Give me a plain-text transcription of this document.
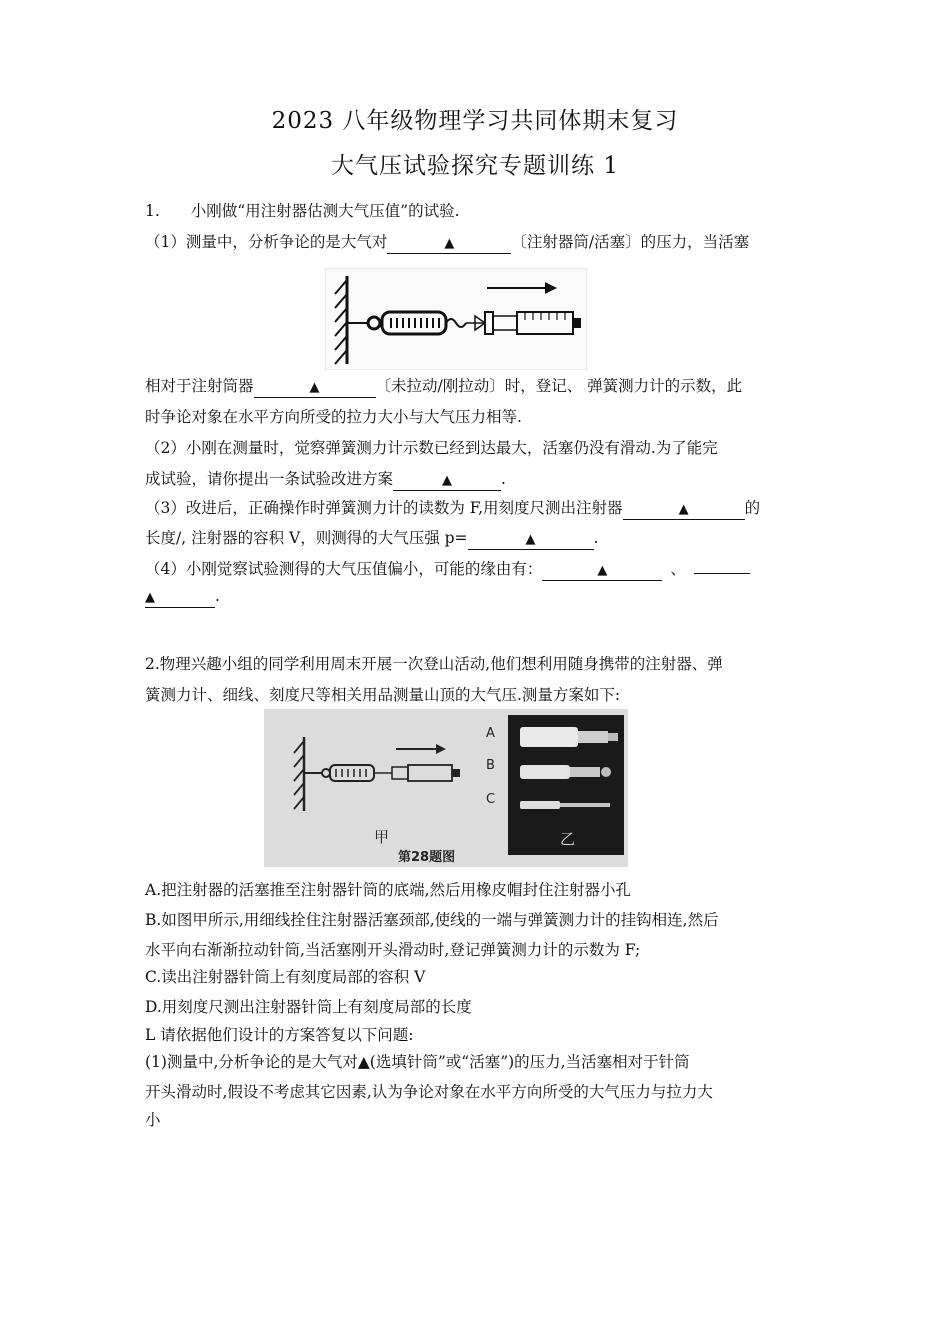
2023 八年级物理学习共同体期末复习
大气压试验探究专题训练 1
1. 小刚做“用注射器估测大气压值”的试验.
（1）测量中，分析争论的是大气对	▲	〔注射器筒/活塞〕的压力，当活塞
相对于注射筒器	▲	〔未拉动/刚拉动〕时，登记、 弹簧测力计的示数，此
时争论对象在水平方向所受的拉力大小与大气压力相等.
（2）小刚在测量时，觉察弹簧测力计示数已经到达最大，活塞仍没有滑动.为了能完
成试验，请你提出一条试验改进方案	▲	.
（3）改进后，正确操作时弹簧测力计的读数为 F,用刻度尺测出注射器	▲	的
长度/, 注射器的容积 V，则测得的大气压强 p=	▲	.
（4）小刚觉察试验测得的大气压值偏小，可能的缘由有：	▲	、
▲	.
2.物理兴趣小组的同学利用周末开展一次登山活动,他们想利用随身携带的注射器、弹
簧测力计、细线、刻度尺等相关用品测量山顶的大气压.测量方案如下:
甲
A
B
C
乙
第28题图
A.把注射器的活塞推至注射器针筒的底端,然后用橡皮帽封住注射器小孔
B.如图甲所示,用细线拴住注射器活塞颈部,使线的一端与弹簧测力计的挂钩相连,然后
水平向右渐渐拉动针筒,当活塞刚开头滑动时,登记弹簧测力计的示数为 F;
C.读出注射器针筒上有刻度局部的容积 V
D.用刻度尺测出注射器针筒上有刻度局部的长度
L 请依据他们设计的方案答复以下问题:
(1)测量中,分析争论的是大气对▲(选填针筒”或“活塞”)的压力,当活塞相对于针筒
开头滑动时,假设不考虑其它因素,认为争论对象在水平方向所受的大气压力与拉力大
小
